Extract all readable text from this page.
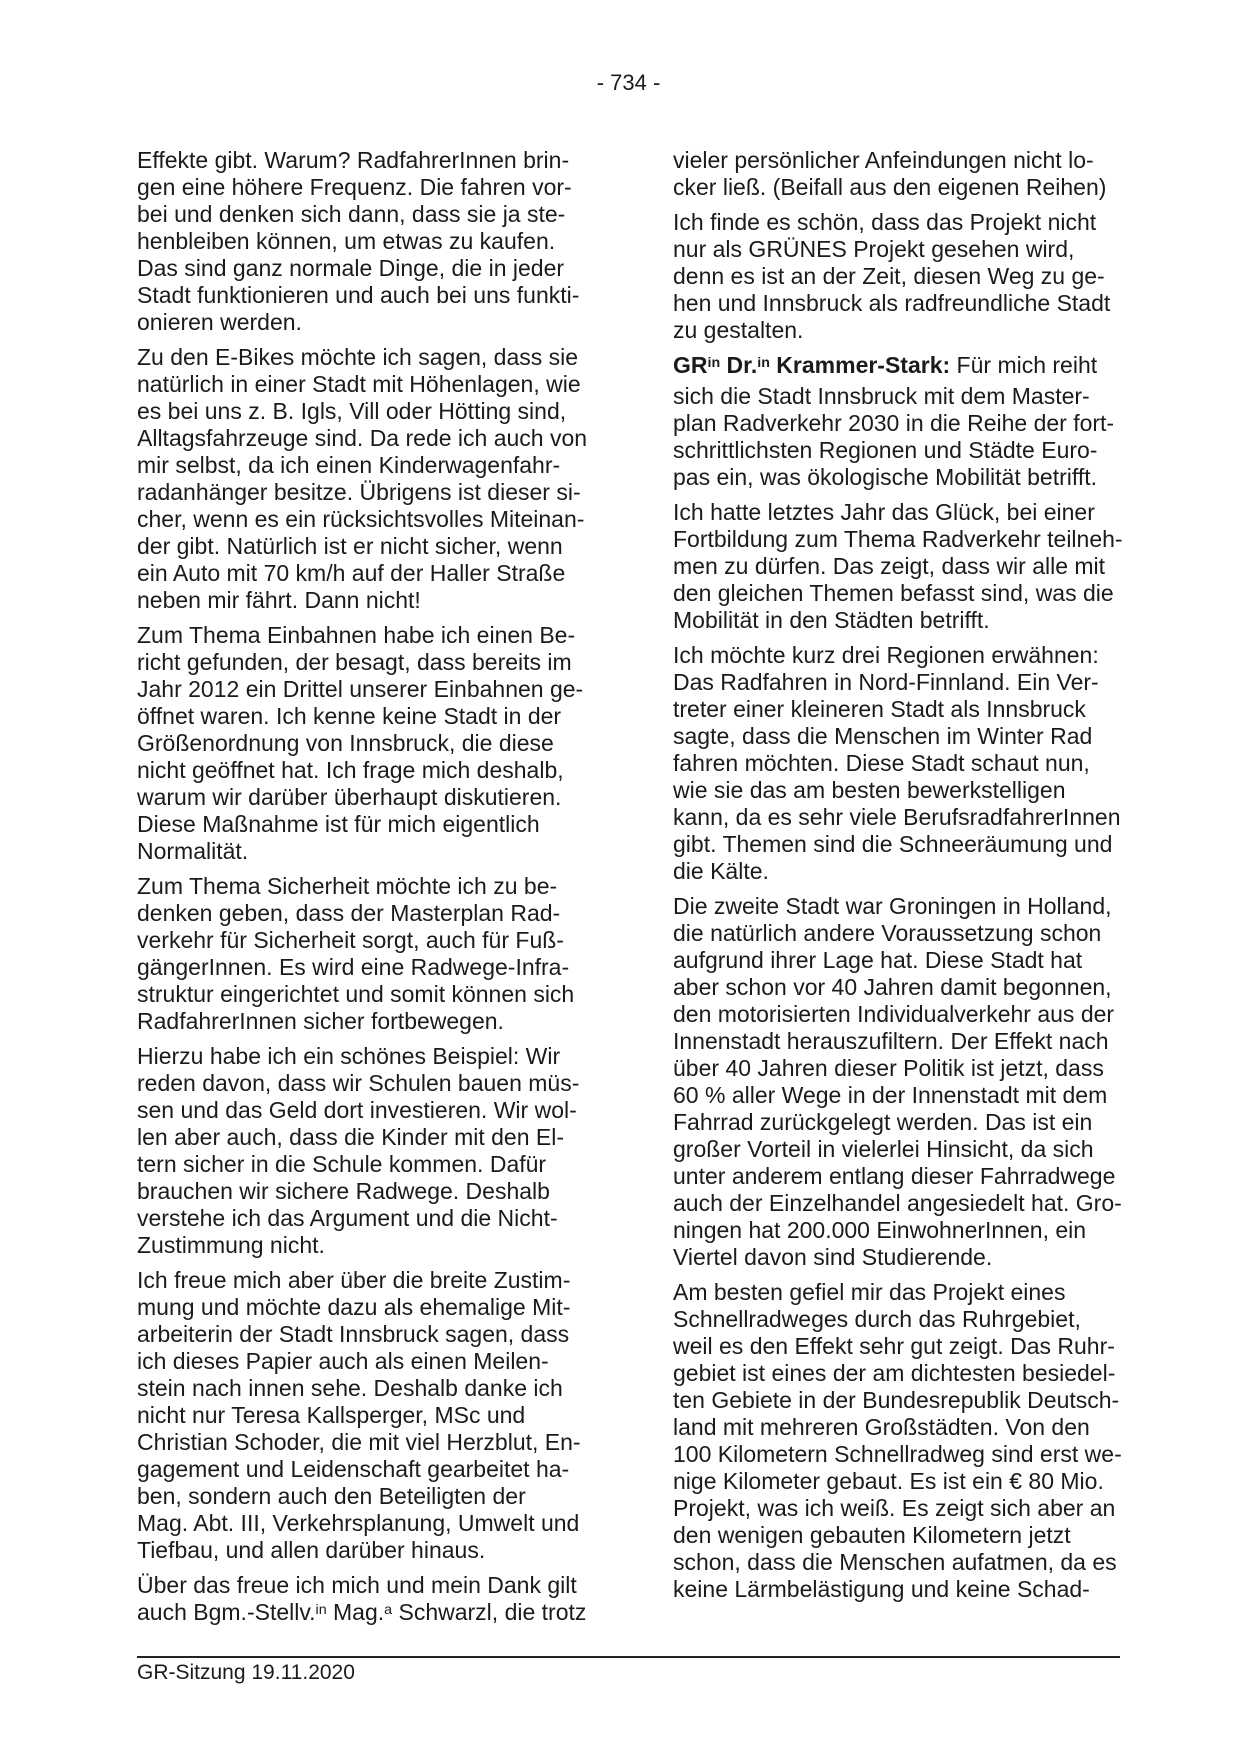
- 734 -
Effekte gibt. Warum? RadfahrerInnen brin-
gen eine höhere Frequenz. Die fahren vor-
bei und denken sich dann, dass sie ja ste-
henbleiben können, um etwas zu kaufen.
Das sind ganz normale Dinge, die in jeder
Stadt funktionieren und auch bei uns funkti-
onieren werden.
Zu den E-Bikes möchte ich sagen, dass sie
natürlich in einer Stadt mit Höhenlagen, wie
es bei uns z. B. Igls, Vill oder Hötting sind,
Alltagsfahrzeuge sind. Da rede ich auch von
mir selbst, da ich einen Kinderwagenfahr-
radanhänger besitze. Übrigens ist dieser si-
cher, wenn es ein rücksichtsvolles Miteinan-
der gibt. Natürlich ist er nicht sicher, wenn
ein Auto mit 70 km/h auf der Haller Straße
neben mir fährt. Dann nicht!
Zum Thema Einbahnen habe ich einen Be-
richt gefunden, der besagt, dass bereits im
Jahr 2012 ein Drittel unserer Einbahnen ge-
öffnet waren. Ich kenne keine Stadt in der
Größenordnung von Innsbruck, die diese
nicht geöffnet hat. Ich frage mich deshalb,
warum wir darüber überhaupt diskutieren.
Diese Maßnahme ist für mich eigentlich
Normalität.
Zum Thema Sicherheit möchte ich zu be-
denken geben, dass der Masterplan Rad-
verkehr für Sicherheit sorgt, auch für Fuß-
gängerInnen. Es wird eine Radwege-Infra-
struktur eingerichtet und somit können sich
RadfahrerInnen sicher fortbewegen.
Hierzu habe ich ein schönes Beispiel: Wir
reden davon, dass wir Schulen bauen müs-
sen und das Geld dort investieren. Wir wol-
len aber auch, dass die Kinder mit den El-
tern sicher in die Schule kommen. Dafür
brauchen wir sichere Radwege. Deshalb
verstehe ich das Argument und die Nicht-
Zustimmung nicht.
Ich freue mich aber über die breite Zustim-
mung und möchte dazu als ehemalige Mit-
arbeiterin der Stadt Innsbruck sagen, dass
ich dieses Papier auch als einen Meilen-
stein nach innen sehe. Deshalb danke ich
nicht nur Teresa Kallsperger, MSc und
Christian Schoder, die mit viel Herzblut, En-
gagement und Leidenschaft gearbeitet ha-
ben, sondern auch den Beteiligten der
Mag. Abt. III, Verkehrsplanung, Umwelt und
Tiefbau, und allen darüber hinaus.
Über das freue ich mich und mein Dank gilt
auch Bgm.-Stellv.$^{in}$ Mag.$^a$ Schwarzl, die trotz
vieler persönlicher Anfeindungen nicht lo-
cker ließ. (Beifall aus den eigenen Reihen)
Ich finde es schön, dass das Projekt nicht
nur als GRÜNES Projekt gesehen wird,
denn es ist an der Zeit, diesen Weg zu ge-
hen und Innsbruck als radfreundliche Stadt
zu gestalten.
$GR^{in}$ Dr.$^{in}$ Krammer-Stark: Für mich reiht
sich die Stadt Innsbruck mit dem Master-
plan Radverkehr 2030 in die Reihe der fort-
schrittlichsten Regionen und Städte Euro-
pas ein, was ökologische Mobilität betrifft.
Ich hatte letztes Jahr das Glück, bei einer
Fortbildung zum Thema Radverkehr teilneh-
men zu dürfen. Das zeigt, dass wir alle mit
den gleichen Themen befasst sind, was die
Mobilität in den Städten betrifft.
Ich möchte kurz drei Regionen erwähnen:
Das Radfahren in Nord-Finnland. Ein Ver-
treter einer kleineren Stadt als Innsbruck
sagte, dass die Menschen im Winter Rad
fahren möchten. Diese Stadt schaut nun,
wie sie das am besten bewerkstelligen
kann, da es sehr viele BerufsradfahrerInnen
gibt. Themen sind die Schneeräumung und
die Kälte.
Die zweite Stadt war Groningen in Holland,
die natürlich andere Voraussetzung schon
aufgrund ihrer Lage hat. Diese Stadt hat
aber schon vor 40 Jahren damit begonnen,
den motorisierten Individualverkehr aus der
Innenstadt herauszufiltern. Der Effekt nach
über 40 Jahren dieser Politik ist jetzt, dass
60 % aller Wege in der Innenstadt mit dem
Fahrrad zurückgelegt werden. Das ist ein
großer Vorteil in vielerlei Hinsicht, da sich
unter anderem entlang dieser Fahrradwege
auch der Einzelhandel angesiedelt hat. Gro-
ningen hat 200.000 EinwohnerInnen, ein
Viertel davon sind Studierende.
Am besten gefiel mir das Projekt eines
Schnellradweges durch das Ruhrgebiet,
weil es den Effekt sehr gut zeigt. Das Ruhr-
gebiet ist eines der am dichtesten besiedel-
ten Gebiete in der Bundesrepublik Deutsch-
land mit mehreren Großstädten. Von den
100 Kilometern Schnellradweg sind erst we-
nige Kilometer gebaut. Es ist ein € 80 Mio.
Projekt, was ich weiß. Es zeigt sich aber an
den wenigen gebauten Kilometern jetzt
schon, dass die Menschen aufatmen, da es
keine Lärmbelästigung und keine Schad-
GR-Sitzung 19.11.2020
